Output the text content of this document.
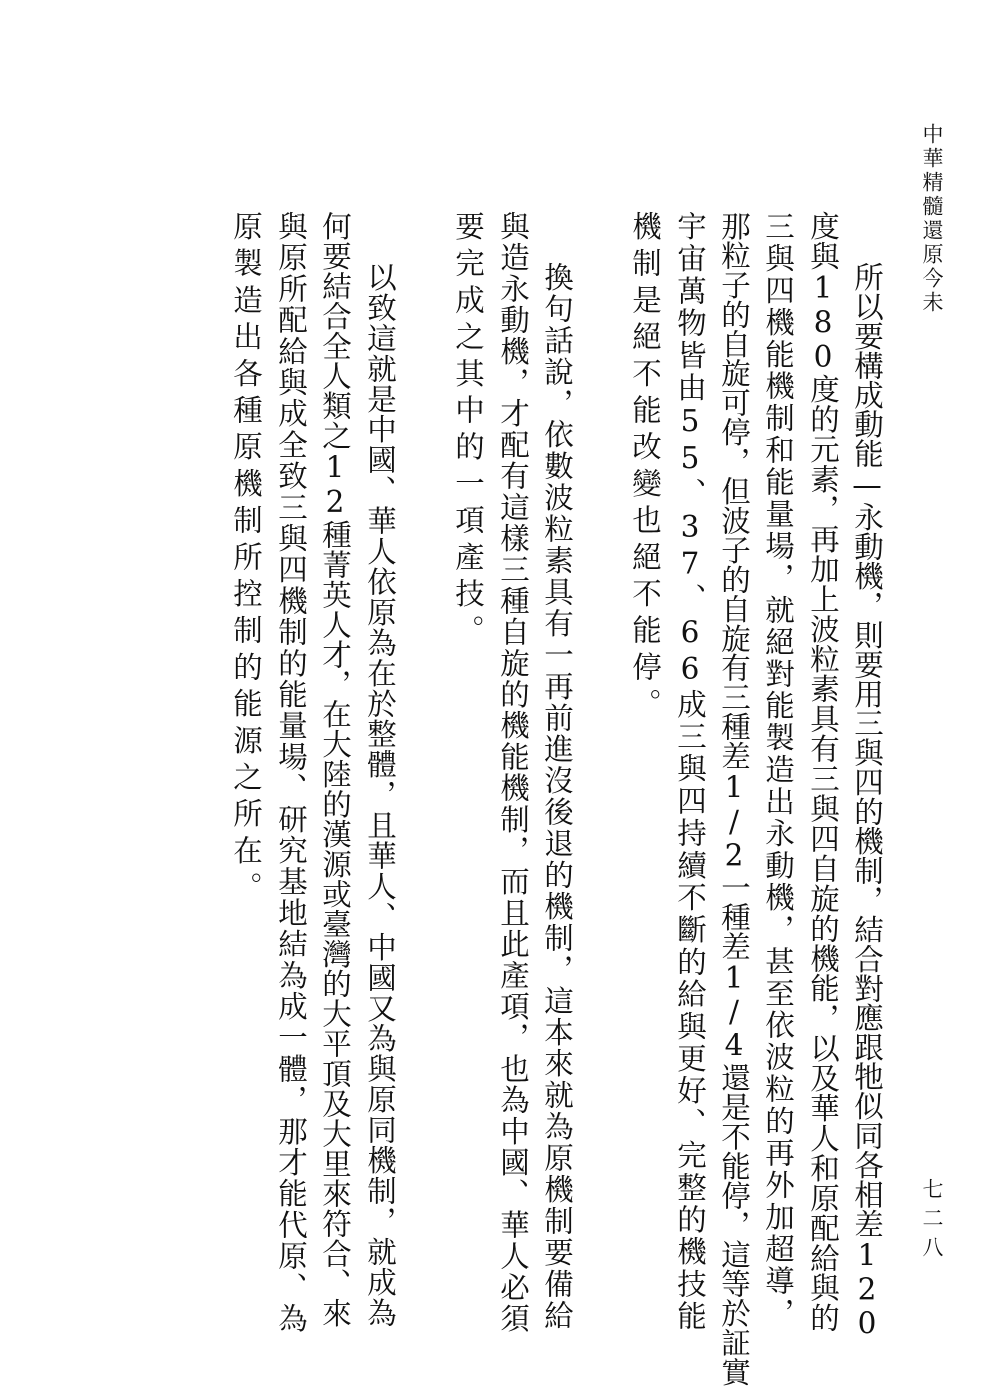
中華精髓還原今未
所以要構成動能—永動機，則要用三與四的機制，結合對應跟牠似同各相差120
度與180度的元素，再加上波粒素具有三與四自旋的機能，以及華人和原配給與的
三與四機能機制和能量場，就絕對能製造出永動機，甚至依波粒的再外加超導，
那粒子的自旋可停，但波子的自旋有三種差1/2一種差1/4還是不能停，這等於証實
宇宙萬物皆由55、37、66成三與四持續不斷的給與更好、完整的機技能
機制是絕不能改變也絕不能停。
換句話說，依數波粒素具有一再前進沒後退的機制，這本來就為原機制要備給
與造永動機，才配有這樣三種自旋的機能機制，而且此產項，也為中國、華人必須
要完成之其中的一項產技。
以致這就是中國、華人依原為在於整體，且華人、中國又為與原同機制，就成為
何要結合全人類之12種菁英人才，在大陸的漢源或臺灣的大平頂及大里來符合、來
與原所配給與成全致三與四機制的能量場、研究基地結為成一體，那才能代原、為
原製造出各種原機制所控制的能源之所在。
七二八
